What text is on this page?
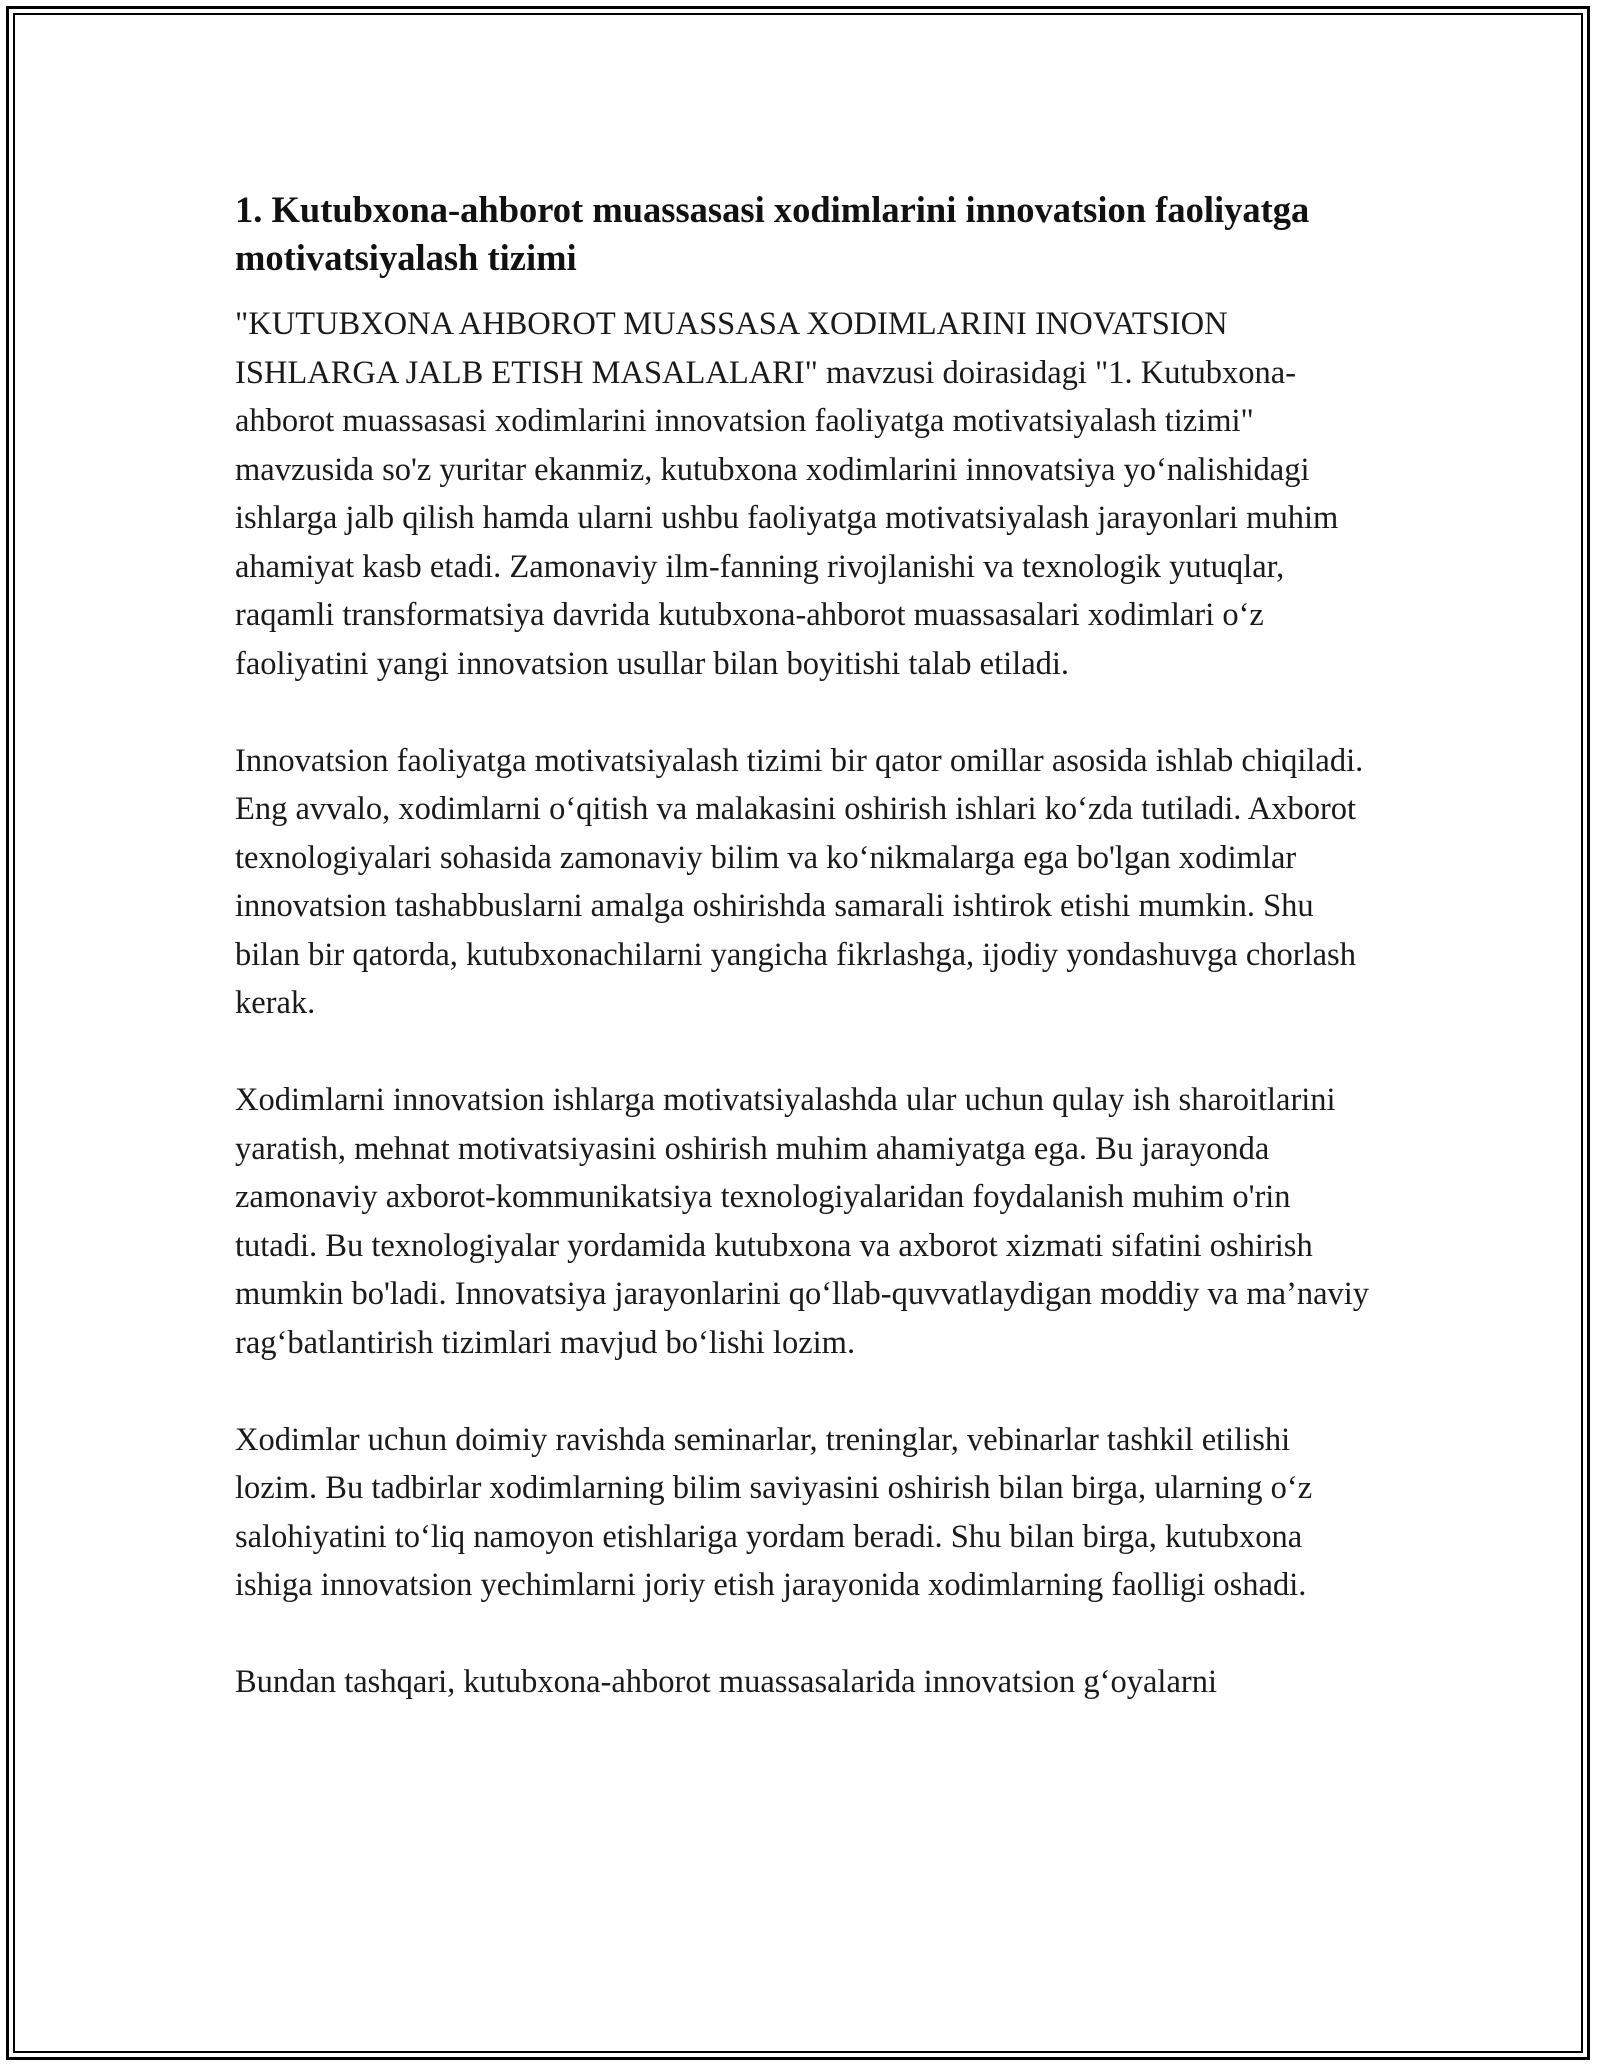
1. Kutubxona-ahborot muassasasi xodimlarini innovatsion faoliyatga motivatsiyalash tizimi

"KUTUBXONA AHBOROT MUASSASA XODIMLARINI INOVATSION ISHLARGA JALB ETISH MASALALARI" mavzusi doirasidagi "1. Kutubxona-ahborot muassasasi xodimlarini innovatsion faoliyatga motivatsiyalash tizimi" mavzusida so'z yuritar ekanmiz, kutubxona xodimlarini innovatsiya yo‘nalishidagi ishlarga jalb qilish hamda ularni ushbu faoliyatga motivatsiyalash jarayonlari muhim ahamiyat kasb etadi. Zamonaviy ilm-fanning rivojlanishi va texnologik yutuqlar, raqamli transformatsiya davrida kutubxona-ahborot muassasalari xodimlari o‘z faoliyatini yangi innovatsion usullar bilan boyitishi talab etiladi.

Innovatsion faoliyatga motivatsiyalash tizimi bir qator omillar asosida ishlab chiqiladi. Eng avvalo, xodimlarni o‘qitish va malakasini oshirish ishlari ko‘zda tutiladi. Axborot texnologiyalari sohasida zamonaviy bilim va ko‘nikmalarga ega bo'lgan xodimlar innovatsion tashabbuslarni amalga oshirishda samarali ishtirok etishi mumkin. Shu bilan bir qatorda, kutubxonachilarni yangicha fikrlashga, ijodiy yondashuvga chorlash kerak.

Xodimlarni innovatsion ishlarga motivatsiyalashda ular uchun qulay ish sharoitlarini yaratish, mehnat motivatsiyasini oshirish muhim ahamiyatga ega. Bu jarayonda zamonaviy axborot-kommunikatsiya texnologiyalaridan foydalanish muhim o'rin tutadi. Bu texnologiyalar yordamida kutubxona va axborot xizmati sifatini oshirish mumkin bo'ladi. Innovatsiya jarayonlarini qo‘llab-quvvatlaydigan moddiy va ma’naviy rag‘batlantirish tizimlari mavjud bo‘lishi lozim.

Xodimlar uchun doimiy ravishda seminarlar, treninglar, vebinarlar tashkil etilishi lozim. Bu tadbirlar xodimlarning bilim saviyasini oshirish bilan birga, ularning o‘z salohiyatini to‘liq namoyon etishlariga yordam beradi. Shu bilan birga, kutubxona ishiga innovatsion yechimlarni joriy etish jarayonida xodimlarning faolligi oshadi.

Bundan tashqari, kutubxona-ahborot muassasalarida innovatsion g‘oyalarni
